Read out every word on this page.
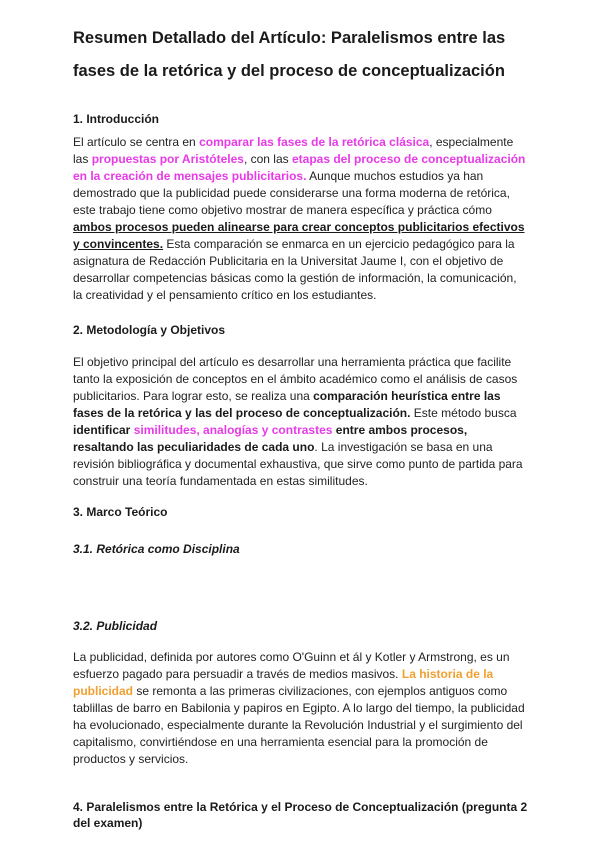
Resumen Detallado del Artículo: Paralelismos entre las fases de la retórica y del proceso de conceptualización
1. Introducción

El artículo se centra en comparar las fases de la retórica clásica, especialmente las propuestas por Aristóteles, con las etapas del proceso de conceptualización en la creación de mensajes publicitarios. Aunque muchos estudios ya han demostrado que la publicidad puede considerarse una forma moderna de retórica, este trabajo tiene como objetivo mostrar de manera específica y práctica cómo ambos procesos pueden alinearse para crear conceptos publicitarios efectivos y convincentes. Esta comparación se enmarca en un ejercicio pedagógico para la asignatura de Redacción Publicitaria en la Universitat Jaume I, con el objetivo de desarrollar competencias básicas como la gestión de información, la comunicación, la creatividad y el pensamiento crítico en los estudiantes.

2. Metodología y Objetivos

El objetivo principal del artículo es desarrollar una herramienta práctica que facilite tanto la exposición de conceptos en el ámbito académico como el análisis de casos publicitarios. Para lograr esto, se realiza una comparación heurística entre las fases de la retórica y las del proceso de conceptualización. Este método busca identificar similitudes, analogías y contrastes entre ambos procesos, resaltando las peculiaridades de cada uno. La investigación se basa en una revisión bibliográfica y documental exhaustiva, que sirve como punto de partida para construir una teoría fundamentada en estas similitudes.

3. Marco Teórico
3.1. Retórica como Disciplina
3.2. Publicidad

La publicidad, definida por autores como O'Guinn et ál y Kotler y Armstrong, es un esfuerzo pagado para persuadir a través de medios masivos. La historia de la publicidad se remonta a las primeras civilizaciones, con ejemplos antiguos como tablillas de barro en Babilonia y papiros en Egipto. A lo largo del tiempo, la publicidad
ha evolucionado, especialmente durante la Revolución Industrial y el surgimiento del capitalismo, convirtiéndose en una herramienta esencial para la promoción de productos y servicios.

4. Paralelismos entre la Retórica y el Proceso de Conceptualización (pregunta 2 del examen)
